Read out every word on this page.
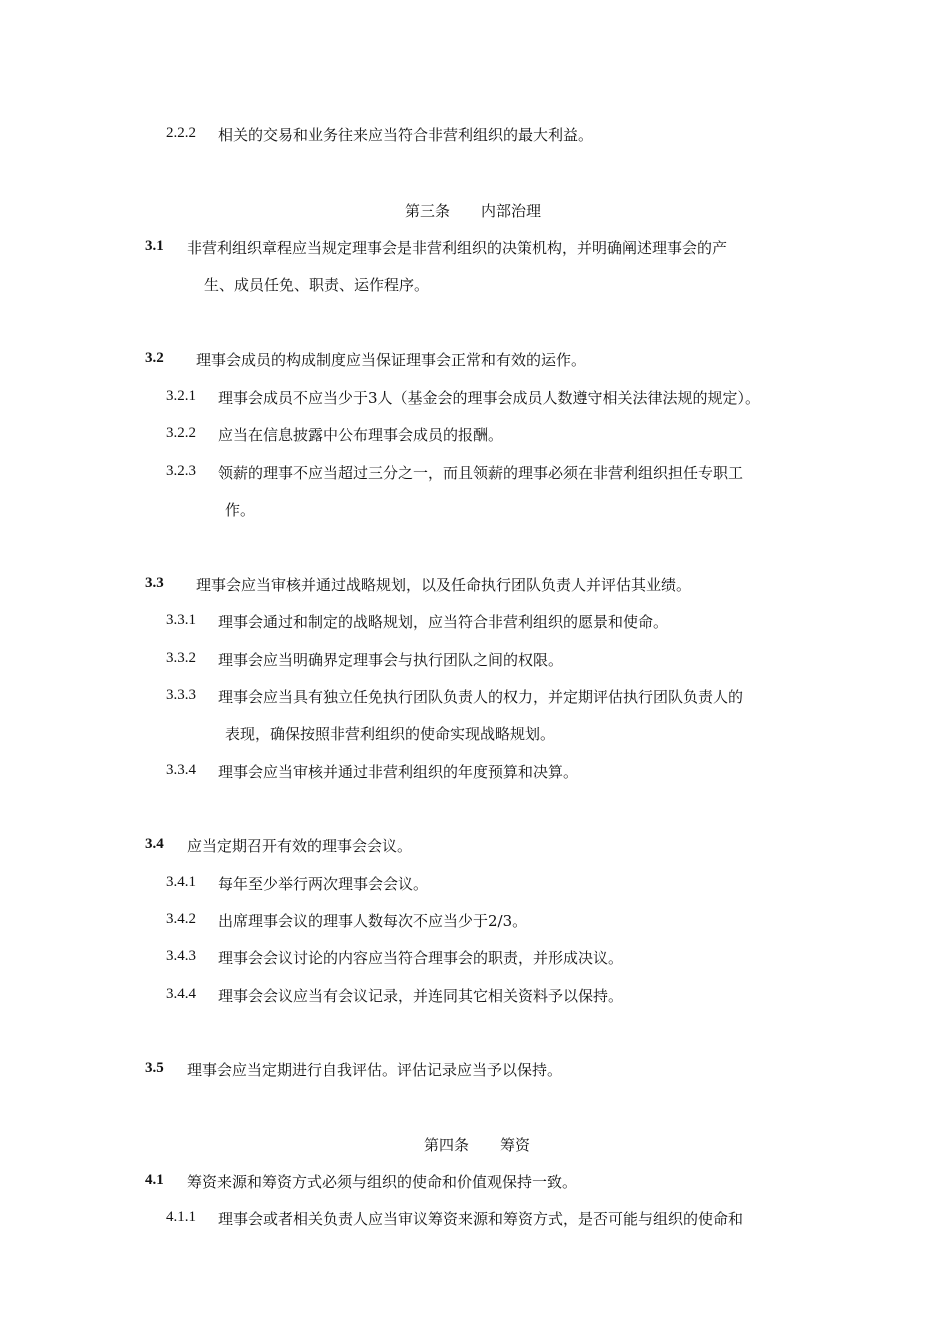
2.2.2 相关的交易和业务往来应当符合非营利组织的最大利益。
第三条 内部治理
3.1 非营利组织章程应当规定理事会是非营利组织的决策机构，并明确阐述理事会的产
生、成员任免、职责、运作程序。
3.2 理事会成员的构成制度应当保证理事会正常和有效的运作。
3.2.1 理事会成员不应当少于3人（基金会的理事会成员人数遵守相关法律法规的规定）。
3.2.2 应当在信息披露中公布理事会成员的报酬。
3.2.3 领薪的理事不应当超过三分之一，而且领薪的理事必须在非营利组织担任专职工
作。
3.3 理事会应当审核并通过战略规划，以及任命执行团队负责人并评估其业绩。
3.3.1 理事会通过和制定的战略规划，应当符合非营利组织的愿景和使命。
3.3.2 理事会应当明确界定理事会与执行团队之间的权限。
3.3.3 理事会应当具有独立任免执行团队负责人的权力，并定期评估执行团队负责人的
表现，确保按照非营利组织的使命实现战略规划。
3.3.4 理事会应当审核并通过非营利组织的年度预算和决算。
3.4 应当定期召开有效的理事会会议。
3.4.1 每年至少举行两次理事会会议。
3.4.2 出席理事会议的理事人数每次不应当少于2/3。
3.4.3 理事会会议讨论的内容应当符合理事会的职责，并形成决议。
3.4.4 理事会会议应当有会议记录，并连同其它相关资料予以保持。
3.5 理事会应当定期进行自我评估。评估记录应当予以保持。
第四条 筹资
4.1 筹资来源和筹资方式必须与组织的使命和价值观保持一致。
4.1.1 理事会或者相关负责人应当审议筹资来源和筹资方式，是否可能与组织的使命和
